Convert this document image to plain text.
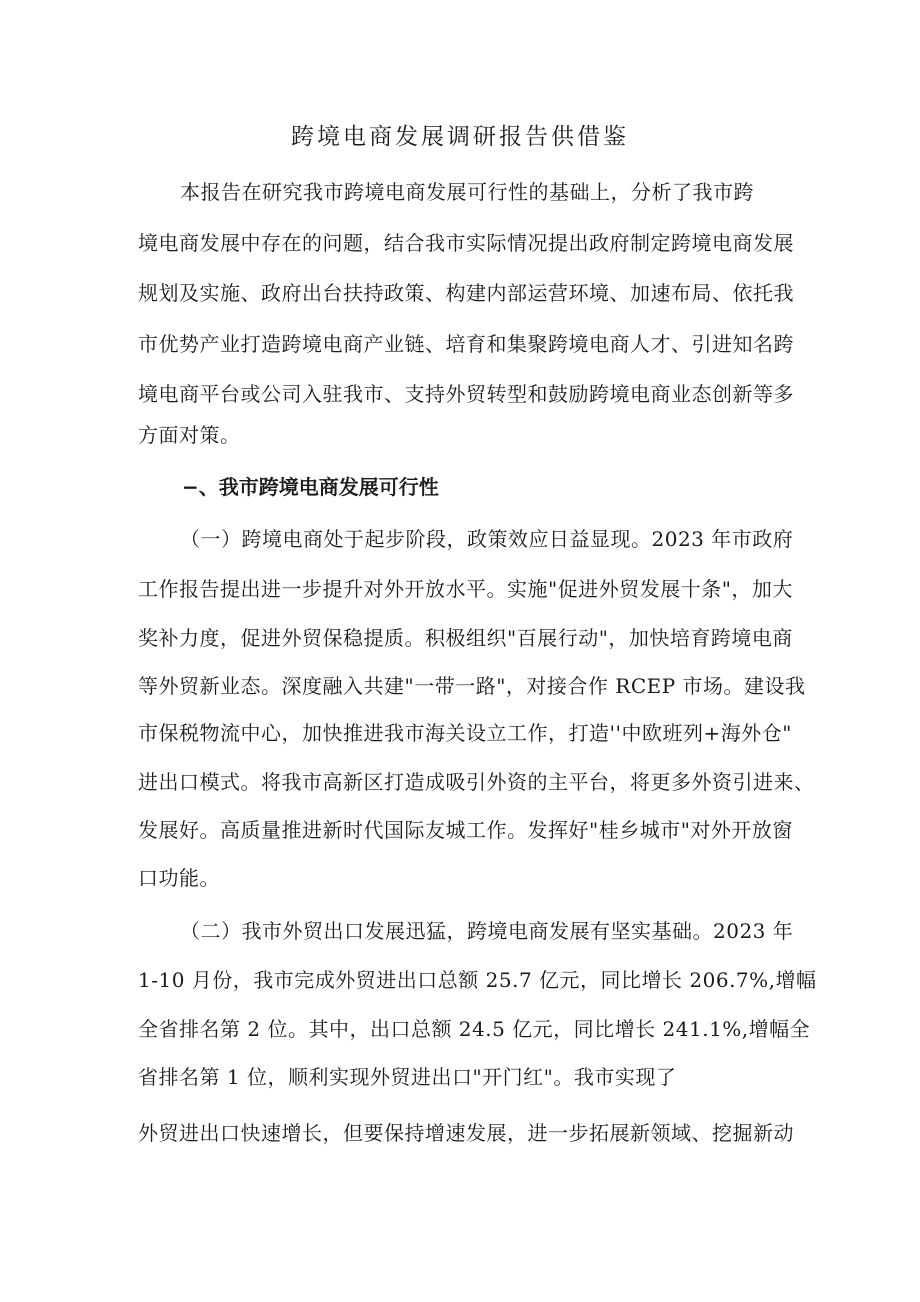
跨境电商发展调研报告供借鉴
本报告在研究我市跨境电商发展可行性的基础上，分析了我市跨
境电商发展中存在的问题，结合我市实际情况提出政府制定跨境电商发展
规划及实施、政府出台扶持政策、构建内部运营环境、加速布局、依托我
市优势产业打造跨境电商产业链、培育和集聚跨境电商人才、引进知名跨
境电商平台或公司入驻我市、支持外贸转型和鼓励跨境电商业态创新等多
方面对策。
−、我市跨境电商发展可行性
（一）跨境电商处于起步阶段，政策效应日益显现。2023 年市政府
工作报告提出进一步提升对外开放水平。实施"促进外贸发展十条"，加大
奖补力度，促进外贸保稳提质。积极组织"百展行动"，加快培育跨境电商
等外贸新业态。深度融入共建"一带一路"，对接合作 RCEP 市场。建设我
市保税物流中心，加快推进我市海关设立工作，打造''中欧班列+海外仓"
进出口模式。将我市高新区打造成吸引外资的主平台，将更多外资引进来、
发展好。高质量推进新时代国际友城工作。发挥好"桂乡城市"对外开放窗
口功能。
（二）我市外贸出口发展迅猛，跨境电商发展有坚实基础。2023 年
1-10 月份，我市完成外贸进出口总额 25.7 亿元，同比增长 206.7%,增幅
全省排名第 2 位。其中，出口总额 24.5 亿元，同比增长 241.1%,增幅全
省排名第 1 位，顺利实现外贸进出口"开门红"。我市实现了
外贸进出口快速增长，但要保持增速发展，进一步拓展新领域、挖掘新动
